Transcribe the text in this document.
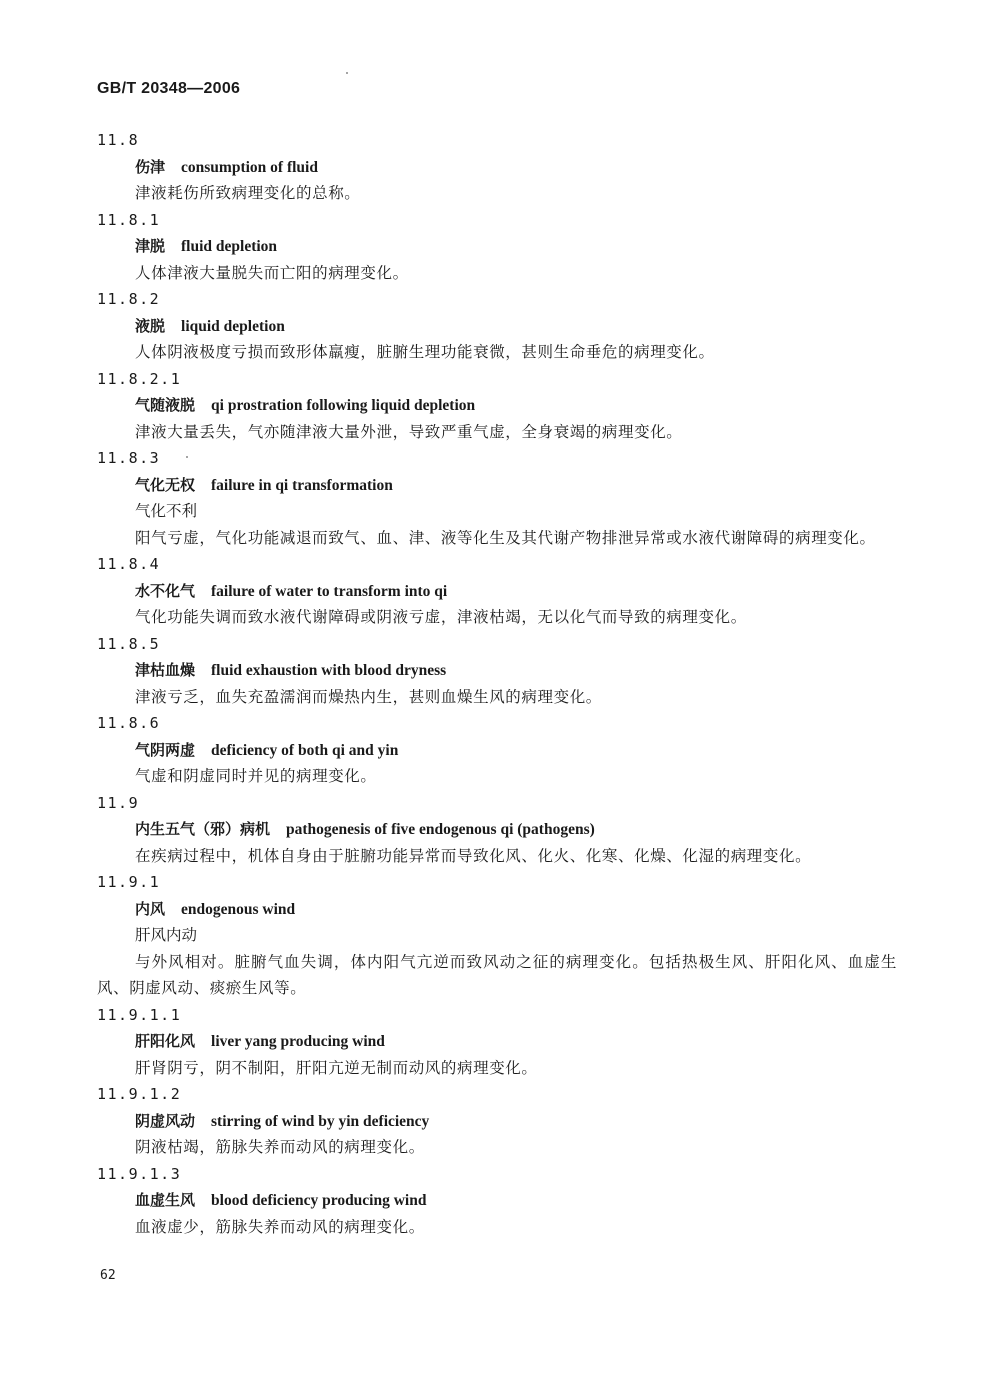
GB/T 20348—2006
11.8
伤津 consumption of fluid
津液耗伤所致病理变化的总称。
11.8.1
津脱 fluid depletion
人体津液大量脱失而亡阳的病理变化。
11.8.2
液脱 liquid depletion
人体阴液极度亏损而致形体羸瘦，脏腑生理功能衰微，甚则生命垂危的病理变化。
11.8.2.1
气随液脱 qi prostration following liquid depletion
津液大量丢失，气亦随津液大量外泄，导致严重气虚，全身衰竭的病理变化。
11.8.3
气化无权 failure in qi transformation
气化不利
阳气亏虚，气化功能减退而致气、血、津、液等化生及其代谢产物排泄异常或水液代谢障碍的病理变化。
11.8.4
水不化气 failure of water to transform into qi
气化功能失调而致水液代谢障碍或阴液亏虚，津液枯竭，无以化气而导致的病理变化。
11.8.5
津枯血燥 fluid exhaustion with blood dryness
津液亏乏，血失充盈濡润而燥热内生，甚则血燥生风的病理变化。
11.8.6
气阴两虚 deficiency of both qi and yin
气虚和阴虚同时并见的病理变化。
11.9
内生五气（邪）病机 pathogenesis of five endogenous qi (pathogens)
在疾病过程中，机体自身由于脏腑功能异常而导致化风、化火、化寒、化燥、化湿的病理变化。
11.9.1
内风 endogenous wind
肝风内动
与外风相对。脏腑气血失调，体内阳气亢逆而致风动之征的病理变化。包括热极生风、肝阳化风、血虚生风、阴虚风动、痰瘀生风等。
11.9.1.1
肝阳化风 liver yang producing wind
肝肾阴亏，阴不制阳，肝阳亢逆无制而动风的病理变化。
11.9.1.2
阴虚风动 stirring of wind by yin deficiency
阴液枯竭，筋脉失养而动风的病理变化。
11.9.1.3
血虚生风 blood deficiency producing wind
血液虚少，筋脉失养而动风的病理变化。
62
